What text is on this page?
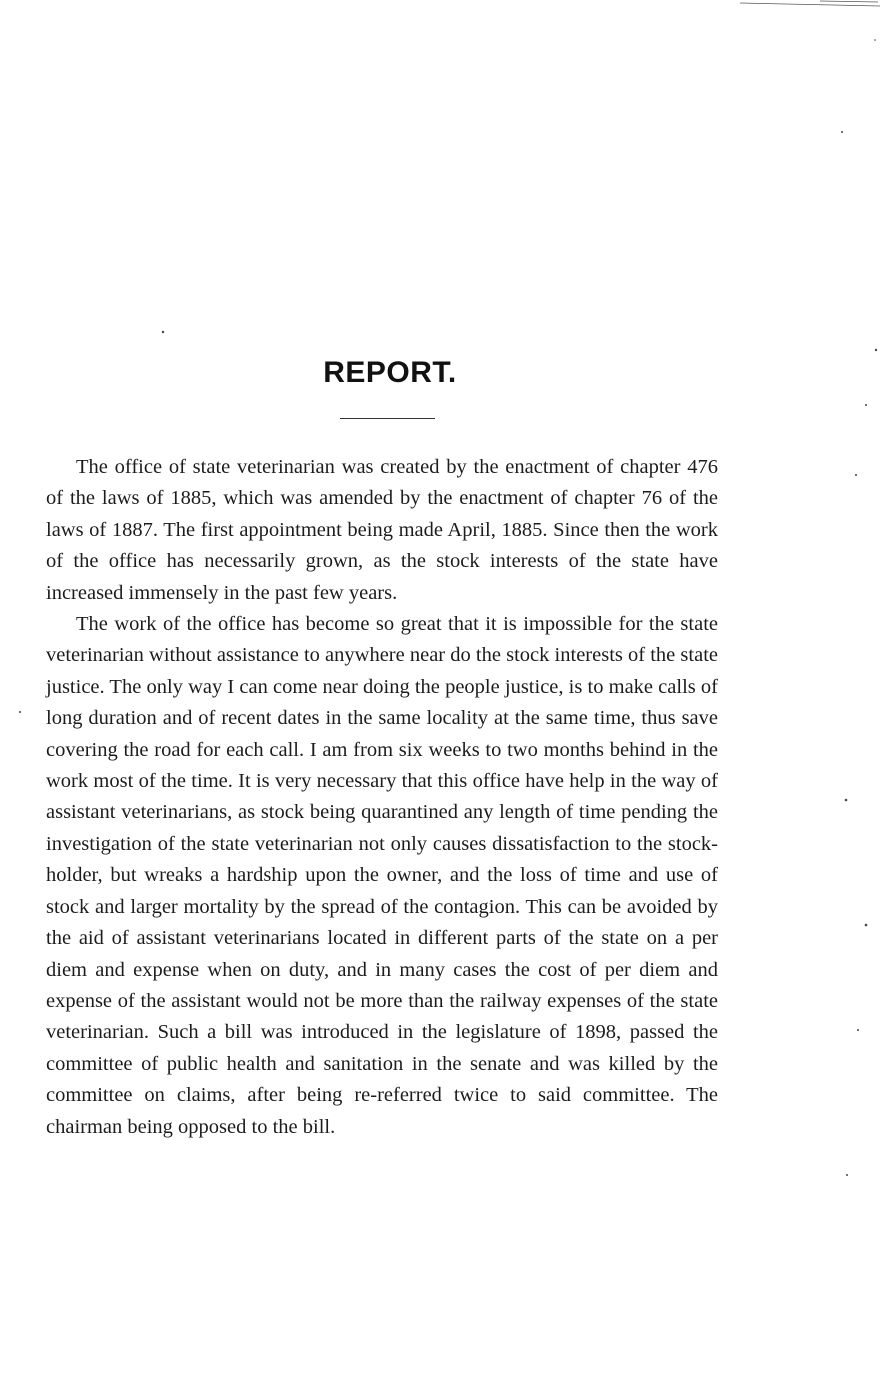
REPORT.

The office of state veterinarian was created by the enactment of chapter 476 of the laws of 1885, which was amended by the enactment of chapter 76 of the laws of 1887. The first appointment being made April, 1885. Since then the work of the office has necessarily grown, as the stock interests of the state have increased immensely in the past few years.

The work of the office has become so great that it is impossible for the state veterinarian without assistance to anywhere near do the stock interests of the state justice. The only way I can come near doing the people justice, is to make calls of long duration and of recent dates in the same locality at the same time, thus save covering the road for each call. I am from six weeks to two months behind in the work most of the time. It is very necessary that this office have help in the way of assistant veterinarians, as stock being quarantined any length of time pending the investigation of the state veterinarian not only causes dissatisfaction to the stock-holder, but wreaks a hardship upon the owner, and the loss of time and use of stock and larger mortality by the spread of the contagion. This can be avoided by the aid of assistant veterinarians located in different parts of the state on a per diem and expense when on duty, and in many cases the cost of per diem and expense of the assistant would not be more than the railway expenses of the state veterinarian. Such a bill was introduced in the legislature of 1898, passed the committee of public health and sanitation in the senate and was killed by the committee on claims, after being re-referred twice to said committee. The chairman being opposed to the bill.
